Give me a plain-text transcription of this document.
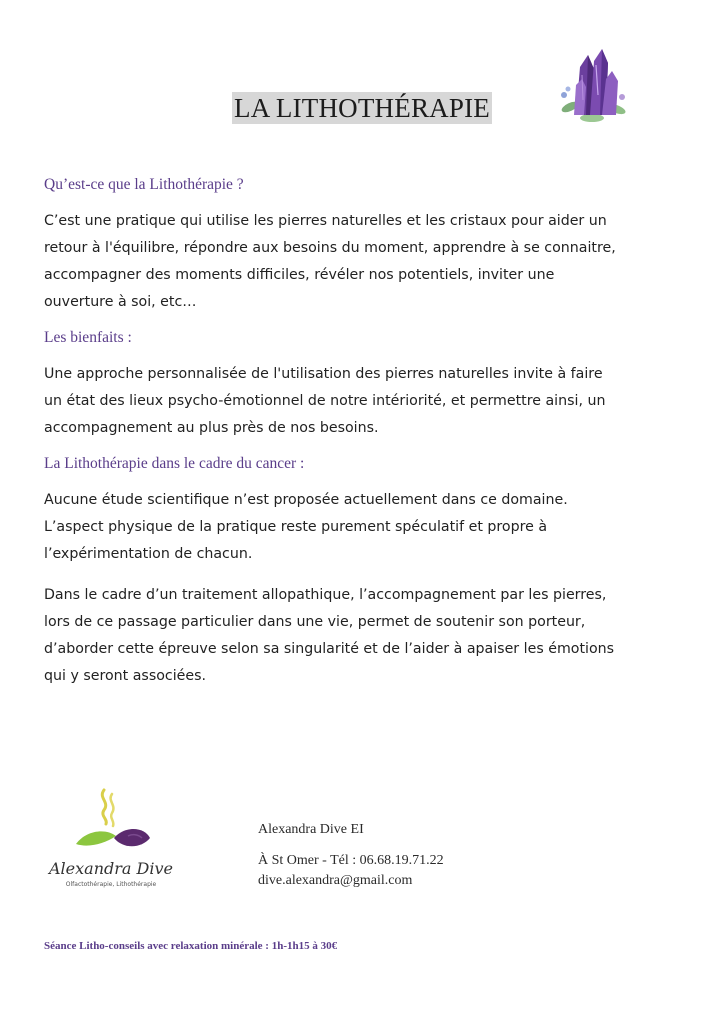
LA LITHOTHÉRAPIE

Qu’est-ce que la Lithothérapie ?

C’est une pratique qui utilise les pierres naturelles et les cristaux pour aider un
retour à l'équilibre, répondre aux besoins du moment, apprendre à se connaitre,
accompagner des moments difficiles, révéler nos potentiels, inviter une
ouverture à soi, etc…

Les bienfaits :

Une approche personnalisée de l'utilisation des pierres naturelles invite à faire
un état des lieux psycho-émotionnel de notre intériorité, et permettre ainsi, un
accompagnement au plus près de nos besoins.

La Lithothérapie dans le cadre du cancer :

Aucune étude scientifique n’est proposée actuellement dans ce domaine.
L’aspect physique de la pratique reste purement spéculatif et propre à
l’expérimentation de chacun.

Dans le cadre d’un traitement allopathique, l’accompagnement par les pierres,
lors de ce passage particulier dans une vie, permet de soutenir son porteur,
d’aborder cette épreuve selon sa singularité et de l’aider à apaiser les émotions
qui y seront associées.

Alexandra Dive
Olfactothérapie, Lithothérapie
Alexandra Dive EI
À St Omer - Tél : 06.68.19.71.22
dive.alexandra@gmail.com
Séance Litho-conseils avec relaxation minérale : 1h-1h15 à 30€
